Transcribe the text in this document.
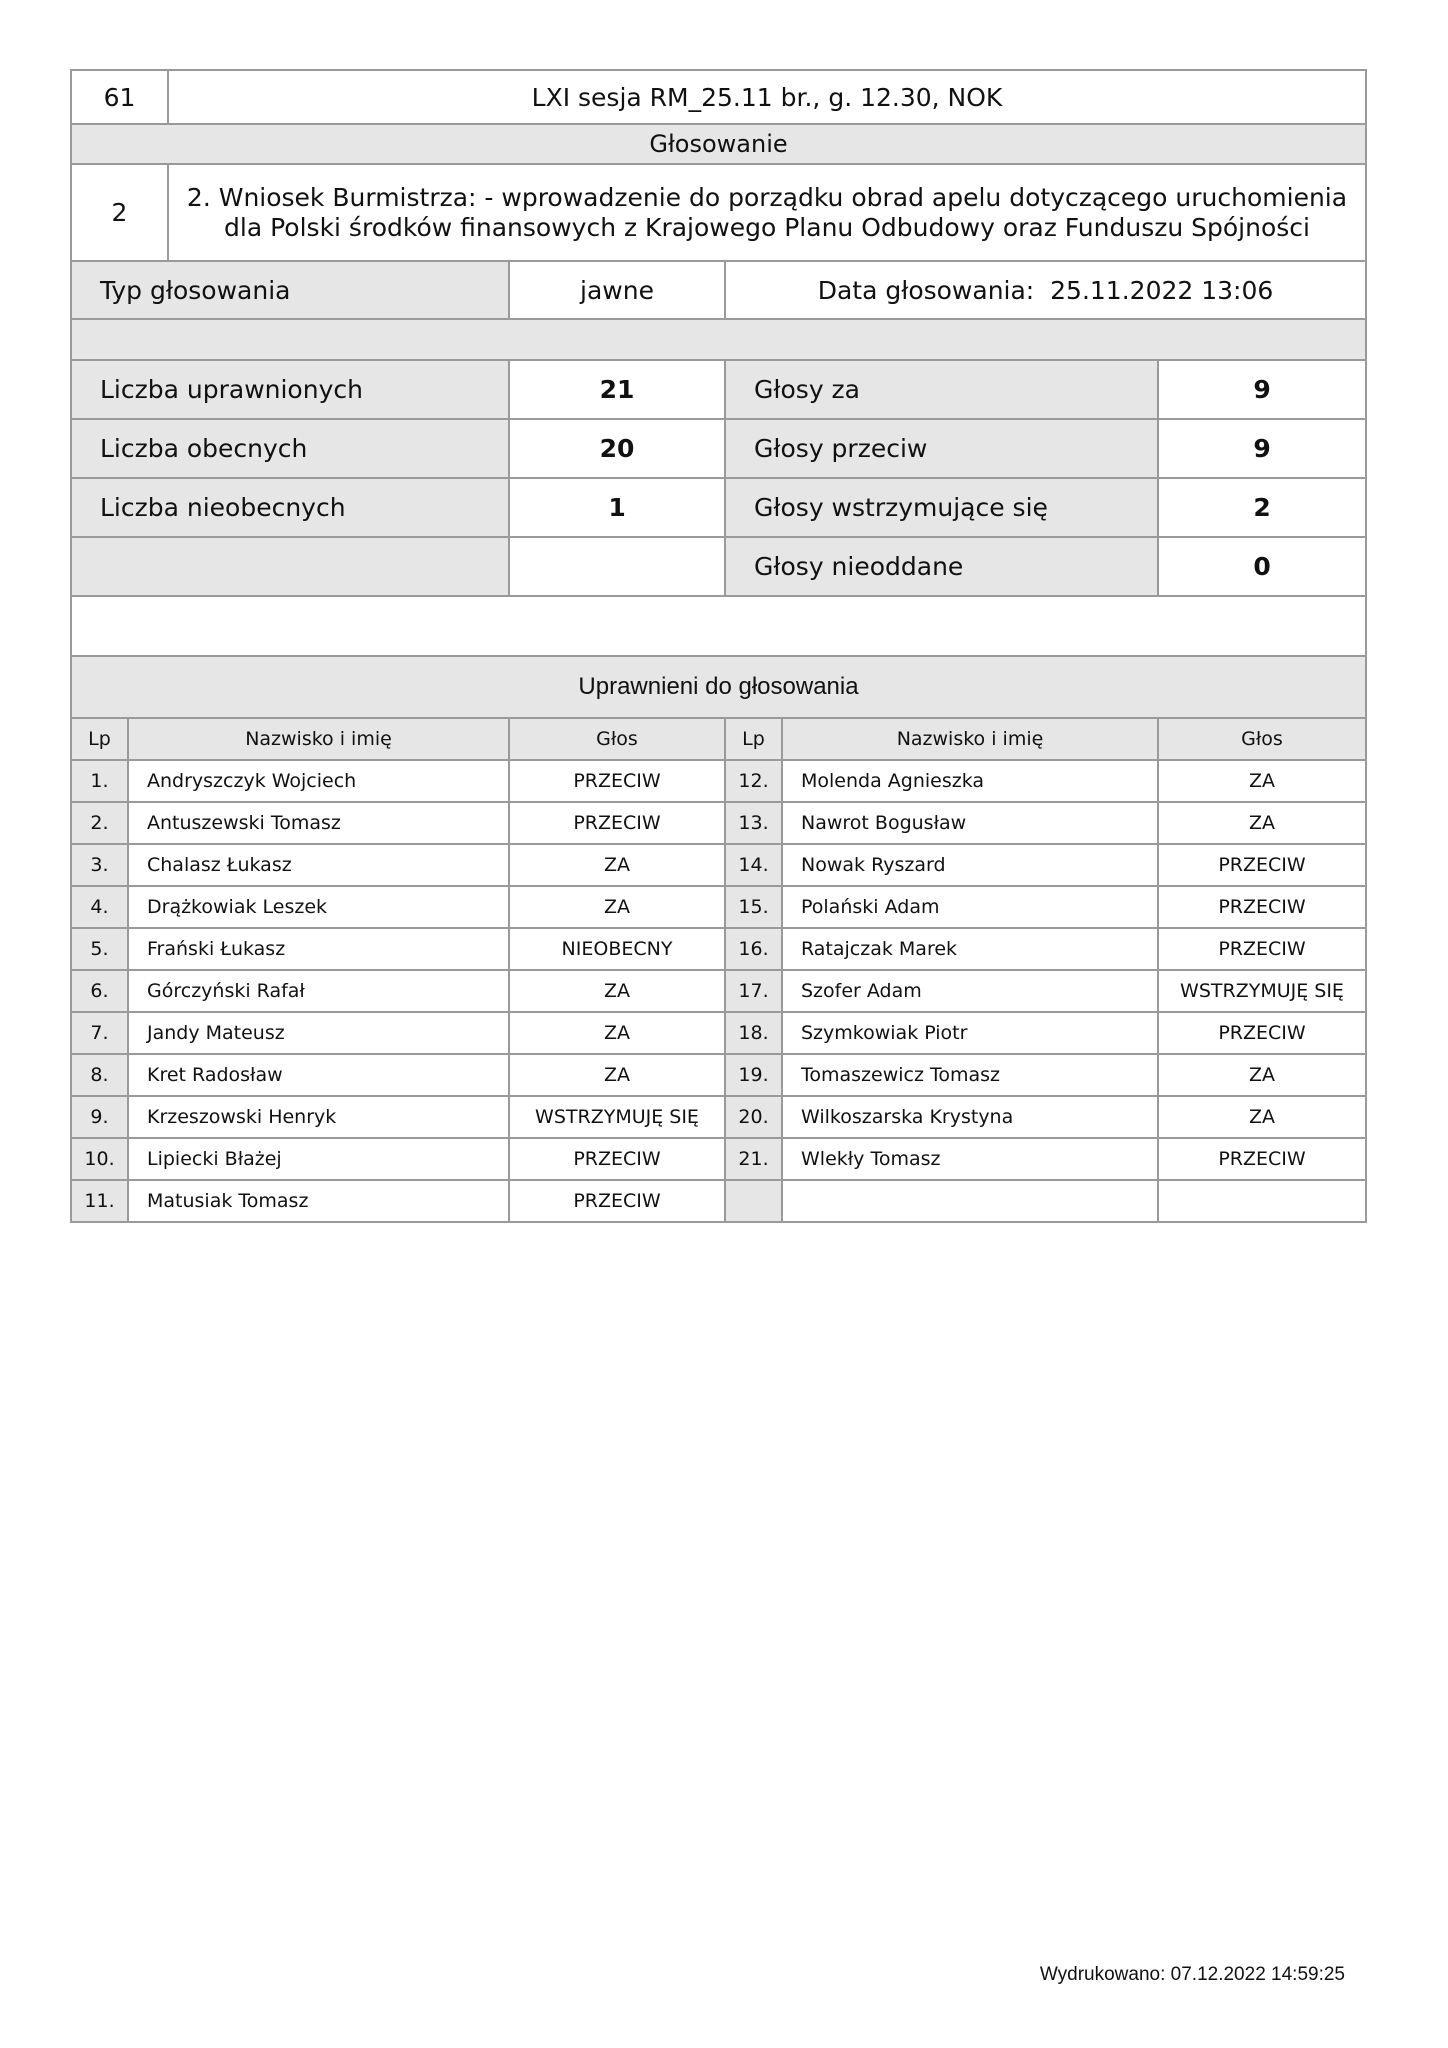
61	LXI sesja RM_25.11 br., g. 12.30, NOK
Głosowanie	
2	2. Wniosek Burmistrza: - wprowadzenie do porządku obrad apelu dotyczącego uruchomienia
dla Polski środków finansowych z Krajowego Planu Odbudowy oraz Funduszu Spójności
Typ głosowania	jawne	Data głosowania: 25.11.2022 13:06

Liczba uprawnionych	21	Głosy za	9
Liczba obecnych	20	Głosy przeciw	9
Liczba nieobecnych	1	Głosy wstrzymujące się	2
		Głosy nieoddane	0

Uprawnieni do głosowania			
Lp	Nazwisko i imię	Głos	Lp	Nazwisko i imię	Głos
1.	Andryszczyk Wojciech	PRZECIW	12.	Molenda Agnieszka	ZA
2.	Antuszewski Tomasz	PRZECIW	13.	Nawrot Bogusław	ZA
3.	Chalasz Łukasz	ZA	14.	Nowak Ryszard	PRZECIW
4.	Drążkowiak Leszek	ZA	15.	Polański Adam	PRZECIW
5.	Frański Łukasz	NIEOBECNY	16.	Ratajczak Marek	PRZECIW
6.	Górczyński Rafał	ZA	17.	Szofer Adam	WSTRZYMUJĘ SIĘ
7.	Jandy Mateusz	ZA	18.	Szymkowiak Piotr	PRZECIW
8.	Kret Radosław	ZA	19.	Tomaszewicz Tomasz	ZA
9.	Krzeszowski Henryk	WSTRZYMUJĘ SIĘ	20.	Wilkoszarska Krystyna	ZA
10.	Lipiecki Błażej	PRZECIW	21.	Wlekły Tomasz	PRZECIW
11.	Matusiak Tomasz	PRZECIW			
Wydrukowano: 07.12.2022 14:59:25
